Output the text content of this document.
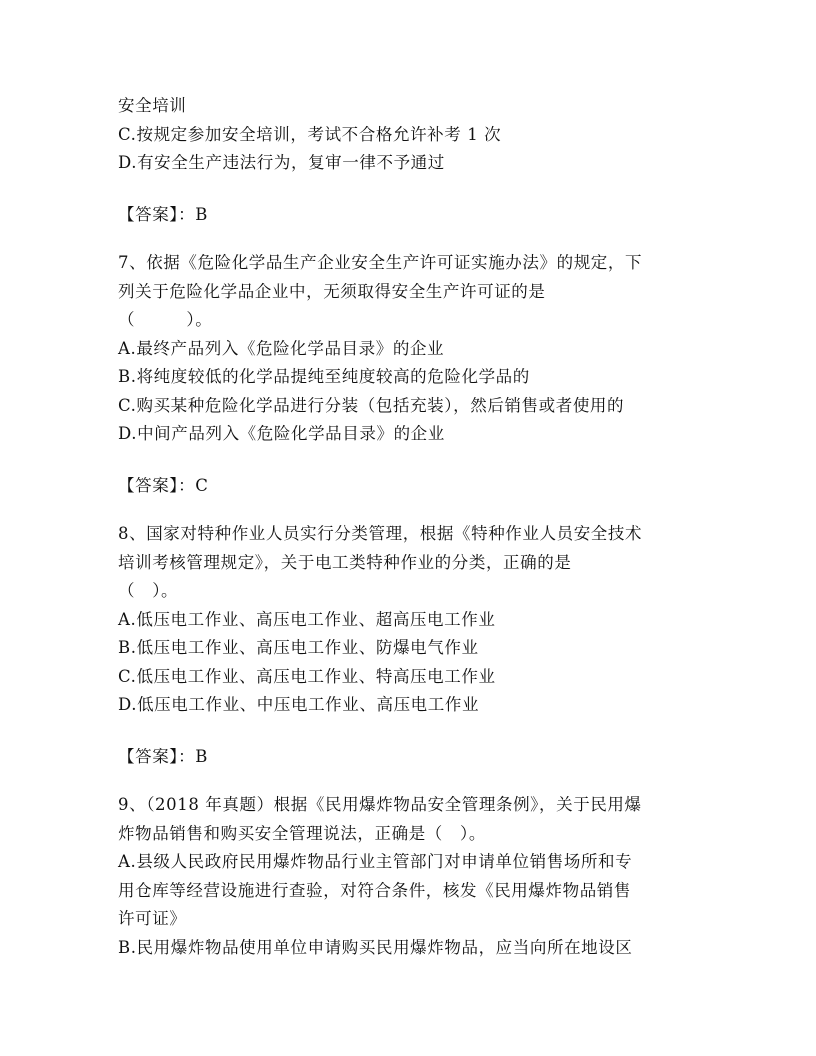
安全培训
C.按规定参加安全培训，考试不合格允许补考 1 次
D.有安全生产违法行为，复审一律不予通过
【答案】：B
7、依据《危险化学品生产企业安全生产许可证实施办法》的规定，下
列关于危险化学品企业中，无须取得安全生产许可证的是
（　　　）。
A.最终产品列入《危险化学品目录》的企业
B.将纯度较低的化学品提纯至纯度较高的危险化学品的
C.购买某种危险化学品进行分装（包括充装），然后销售或者使用的
D.中间产品列入《危险化学品目录》的企业
【答案】：C
8、国家对特种作业人员实行分类管理，根据《特种作业人员安全技术
培训考核管理规定》，关于电工类特种作业的分类，正确的是
（　）。
A.低压电工作业、高压电工作业、超高压电工作业
B.低压电工作业、高压电工作业、防爆电气作业
C.低压电工作业、高压电工作业、特高压电工作业
D.低压电工作业、中压电工作业、高压电工作业
【答案】：B
9、（2018 年真题）根据《民用爆炸物品安全管理条例》，关于民用爆
炸物品销售和购买安全管理说法，正确是（　）。
A.县级人民政府民用爆炸物品行业主管部门对申请单位销售场所和专
用仓库等经营设施进行查验，对符合条件，核发《民用爆炸物品销售
许可证》
B.民用爆炸物品使用单位申请购买民用爆炸物品，应当向所在地设区
